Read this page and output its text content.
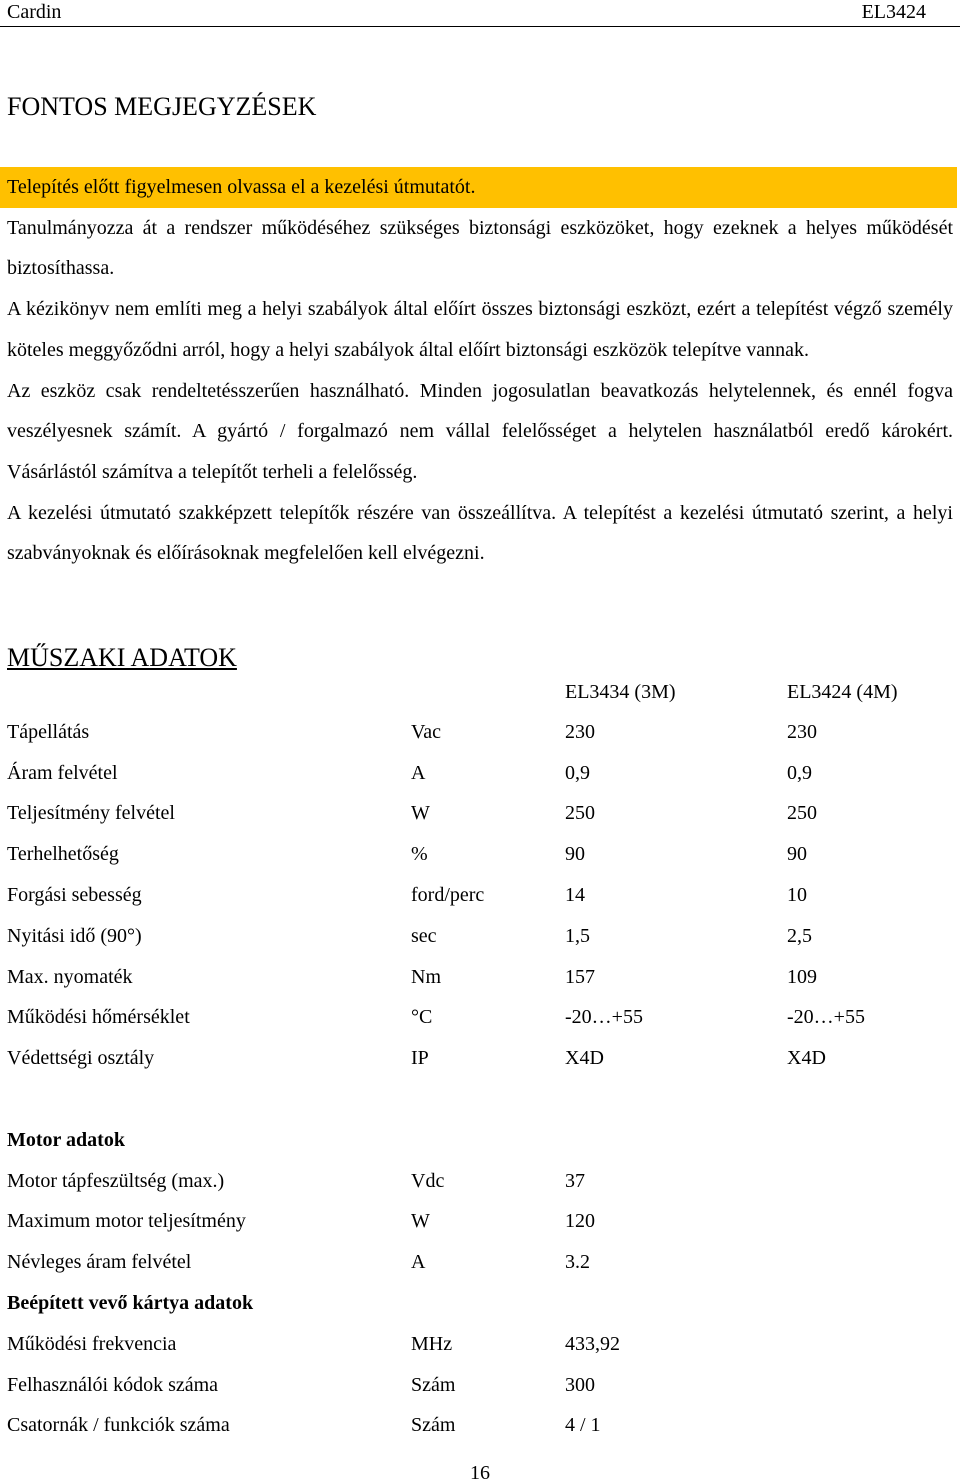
Cardin	EL3424
FONTOS MEGJEGYZÉSEK

Telepítés előtt figyelmesen olvassa el a kezelési útmutatót.

Tanulmányozza át a rendszer működéséhez szükséges biztonsági eszközöket, hogy ezeknek a helyes működését biztosíthassa.

A kézikönyv nem említi meg a helyi szabályok által előírt összes biztonsági eszközt, ezért a telepítést végző személy köteles meggyőződni arról, hogy a helyi szabályok által előírt biztonsági eszközök telepítve vannak.

Az eszköz csak rendeltetésszerűen használható. Minden jogosulatlan beavatkozás helytelennek, és ennél fogva veszélyesnek számít. A gyártó / forgalmazó nem vállal felelősséget a helytelen használatból eredő károkért. Vásárlástól számítva a telepítőt terheli a felelősség.

A kezelési útmutató szakképzett telepítők részére van összeállítva. A telepítést a kezelési útmutató szerint, a helyi szabványoknak és előírásoknak megfelelően kell elvégezni.

MŰSZAKI ADATOK
		EL3434 (3M)	EL3424 (4M)
Tápellátás	Vac	230	230
Áram felvétel	A	0,9	0,9
Teljesítmény felvétel	W	250	250
Terhelhetőség	%	90	90
Forgási sebesség	ford/perc	14	10
Nyitási idő (90°)	sec	1,5	2,5
Max. nyomaték	Nm	157	109
Működési hőmérséklet	°C	-20…+55	-20…+55
Védettségi osztály	IP	X4D	X4D
Motor adatok		
Motor tápfeszültség (max.)	Vdc	37
Maximum motor teljesítmény	W	120
Névleges áram felvétel	A	3.2
Beépített vevő kártya adatok		
Működési frekvencia	MHz	433,92
Felhasználói kódok száma	Szám	300
Csatornák / funkciók száma	Szám	4 / 1
16
